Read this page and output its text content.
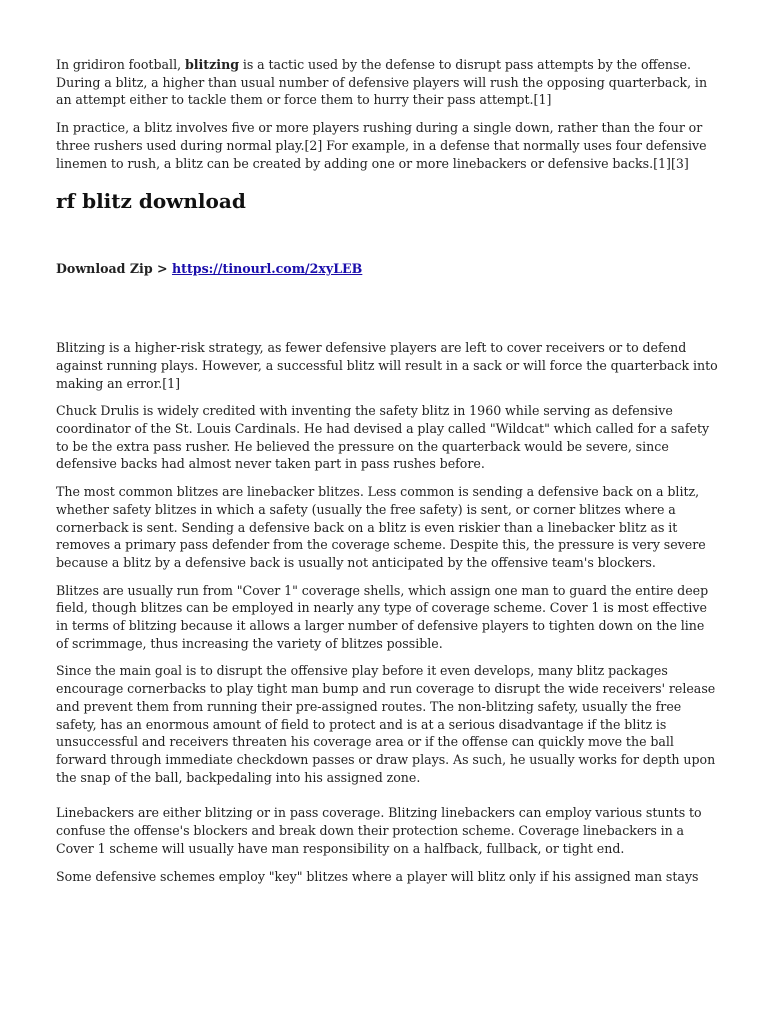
In gridiron football, blitzing is a tactic used by the defense to disrupt pass attempts by the offense. During a blitz, a higher than usual number of defensive players will rush the opposing quarterback, in an attempt either to tackle them or force them to hurry their pass attempt.[1]

In practice, a blitz involves five or more players rushing during a single down, rather than the four or three rushers used during normal play.[2] For example, in a defense that normally uses four defensive linemen to rush, a blitz can be created by adding one or more linebackers or defensive backs.[1][3]

rf blitz download
Download Zip > https://tinourl.com/2xyLEB

Blitzing is a higher-risk strategy, as fewer defensive players are left to cover receivers or to defend against running plays. However, a successful blitz will result in a sack or will force the quarterback into making an error.[1]

Chuck Drulis is widely credited with inventing the safety blitz in 1960 while serving as defensive coordinator of the St. Louis Cardinals. He had devised a play called "Wildcat" which called for a safety to be the extra pass rusher. He believed the pressure on the quarterback would be severe, since defensive backs had almost never taken part in pass rushes before.

The most common blitzes are linebacker blitzes. Less common is sending a defensive back on a blitz, whether safety blitzes in which a safety (usually the free safety) is sent, or corner blitzes where a cornerback is sent. Sending a defensive back on a blitz is even riskier than a linebacker blitz as it removes a primary pass defender from the coverage scheme. Despite this, the pressure is very severe because a blitz by a defensive back is usually not anticipated by the offensive team's blockers.

Blitzes are usually run from "Cover 1" coverage shells, which assign one man to guard the entire deep field, though blitzes can be employed in nearly any type of coverage scheme. Cover 1 is most effective in terms of blitzing because it allows a larger number of defensive players to tighten down on the line of scrimmage, thus increasing the variety of blitzes possible.

Since the main goal is to disrupt the offensive play before it even develops, many blitz packages encourage cornerbacks to play tight man bump and run coverage to disrupt the wide receivers' release and prevent them from running their pre-assigned routes. The non-blitzing safety, usually the free safety, has an enormous amount of field to protect and is at a serious disadvantage if the blitz is unsuccessful and receivers threaten his coverage area or if the offense can quickly move the ball forward through immediate checkdown passes or draw plays. As such, he usually works for depth upon the snap of the ball, backpedaling into his assigned zone.

Linebackers are either blitzing or in pass coverage. Blitzing linebackers can employ various stunts to confuse the offense's blockers and break down their protection scheme. Coverage linebackers in a Cover 1 scheme will usually have man responsibility on a halfback, fullback, or tight end.

Some defensive schemes employ "key" blitzes where a player will blitz only if his assigned man stays
